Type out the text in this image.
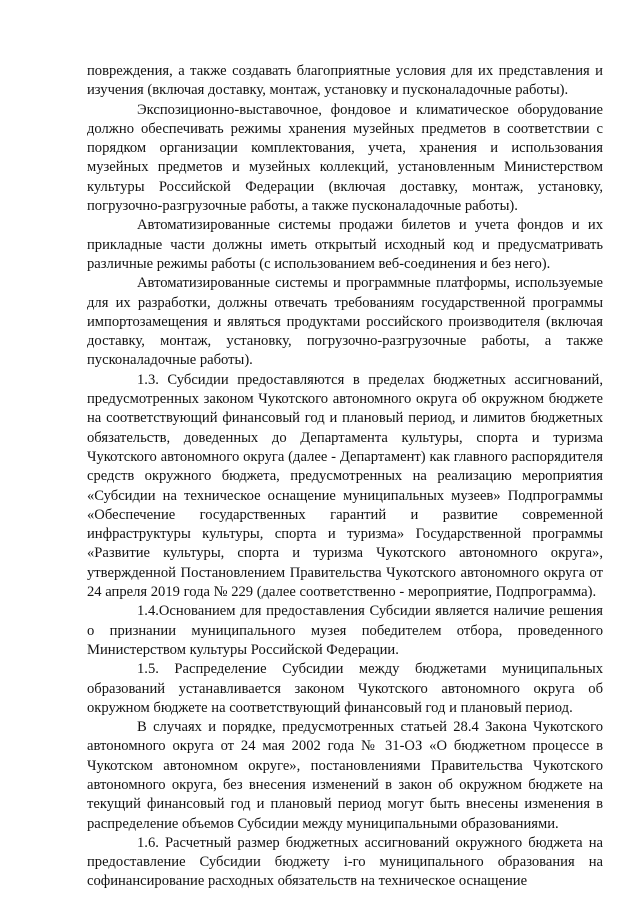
повреждения, а также создавать благоприятные условия для их представления и изучения (включая доставку, монтаж, установку и пусконаладочные работы).

Экспозиционно-выставочное, фондовое и климатическое оборудование должно обеспечивать режимы хранения музейных предметов в соответствии с порядком организации комплектования, учета, хранения и использования музейных предметов и музейных коллекций, установленным Министерством культуры Российской Федерации (включая доставку, монтаж, установку, погрузочно-разгрузочные работы, а также пусконаладочные работы).

Автоматизированные системы продажи билетов и учета фондов и их прикладные части должны иметь открытый исходный код и предусматривать различные режимы работы (с использованием веб-соединения и без него).

Автоматизированные системы и программные платформы, используемые для их разработки, должны отвечать требованиям государственной программы импортозамещения и являться продуктами российского производителя (включая доставку, монтаж, установку, погрузочно-разгрузочные работы, а также пусконаладочные работы).

1.3. Субсидии предоставляются в пределах бюджетных ассигнований, предусмотренных законом Чукотского автономного округа об окружном бюджете на соответствующий финансовый год и плановый период, и лимитов бюджетных обязательств, доведенных до Департамента культуры, спорта и туризма Чукотского автономного округа (далее - Департамент) как главного распорядителя средств окружного бюджета, предусмотренных на реализацию мероприятия «Субсидии на техническое оснащение муниципальных музеев» Подпрограммы «Обеспечение государственных гарантий и развитие современной инфраструктуры культуры, спорта и туризма» Государственной программы «Развитие культуры, спорта и туризма Чукотского автономного округа», утвержденной Постановлением Правительства Чукотского автономного округа от 24 апреля 2019 года № 229 (далее соответственно - мероприятие, Подпрограмма).

1.4.Основанием для предоставления Субсидии является наличие решения о признании муниципального музея победителем отбора, проведенного Министерством культуры Российской Федерации.

1.5. Распределение Субсидии между бюджетами муниципальных образований устанавливается законом Чукотского автономного округа об окружном бюджете на соответствующий финансовый год и плановый период.

В случаях и порядке, предусмотренных статьей 28.4 Закона Чукотского автономного округа от 24 мая 2002 года № 31-ОЗ «О бюджетном процессе в Чукотском автономном округе», постановлениями Правительства Чукотского автономного округа, без внесения изменений в закон об окружном бюджете на текущий финансовый год и плановый период могут быть внесены изменения в распределение объемов Субсидии между муниципальными образованиями.

1.6. Расчетный размер бюджетных ассигнований окружного бюджета на предоставление Субсидии бюджету i-го муниципального образования на софинансирование расходных обязательств на техническое оснащение
